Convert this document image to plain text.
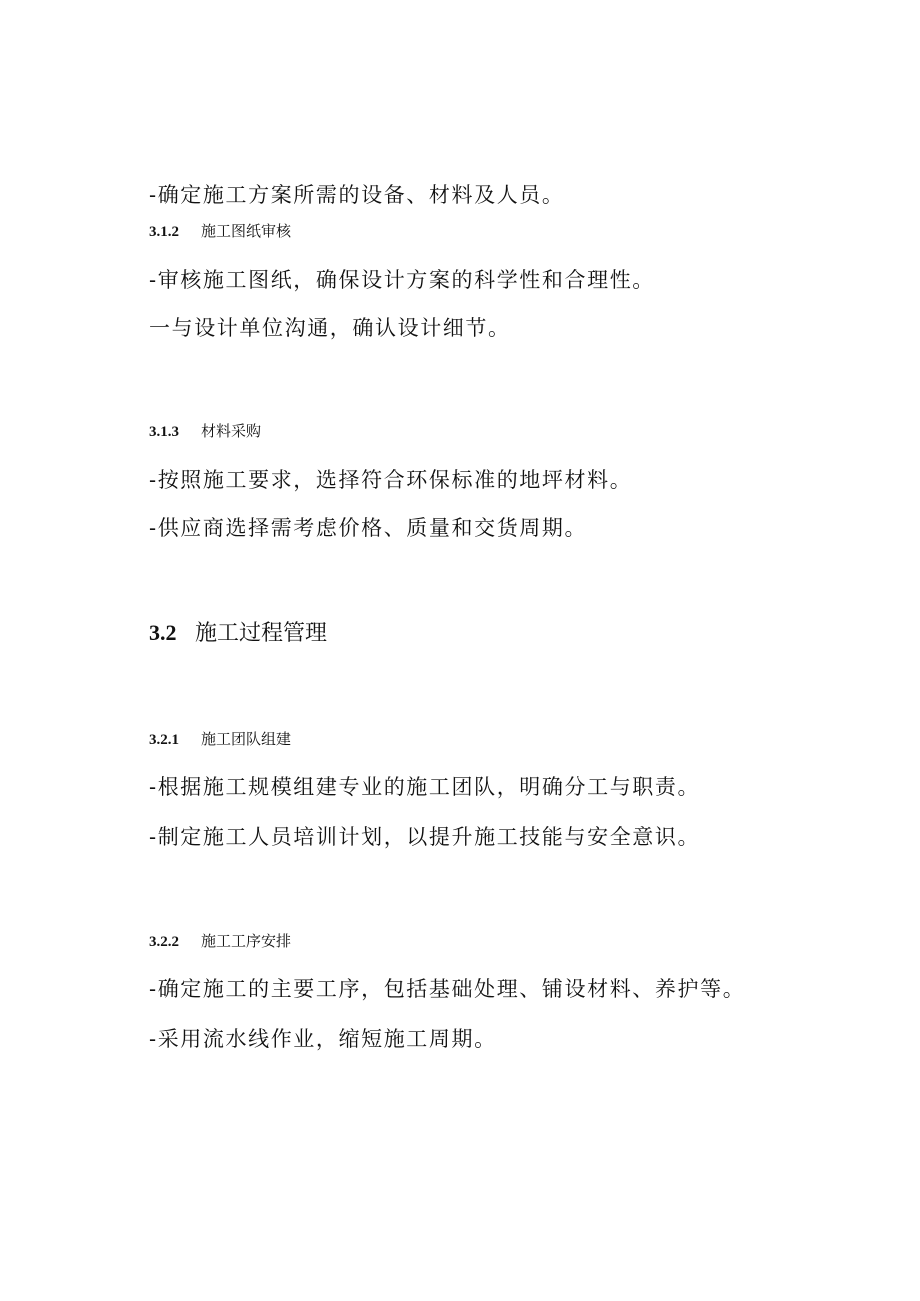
-确定施工方案所需的设备、材料及人员。
3.1.2 施工图纸审核
-审核施工图纸，确保设计方案的科学性和合理性。
一与设计单位沟通，确认设计细节。
3.1.3 材料采购
-按照施工要求，选择符合环保标准的地坪材料。
-供应商选择需考虑价格、质量和交货周期。
3.2 施工过程管理
3.2.1 施工团队组建
-根据施工规模组建专业的施工团队，明确分工与职责。
-制定施工人员培训计划，以提升施工技能与安全意识。
3.2.2 施工工序安排
-确定施工的主要工序，包括基础处理、铺设材料、养护等。
-采用流水线作业，缩短施工周期。
